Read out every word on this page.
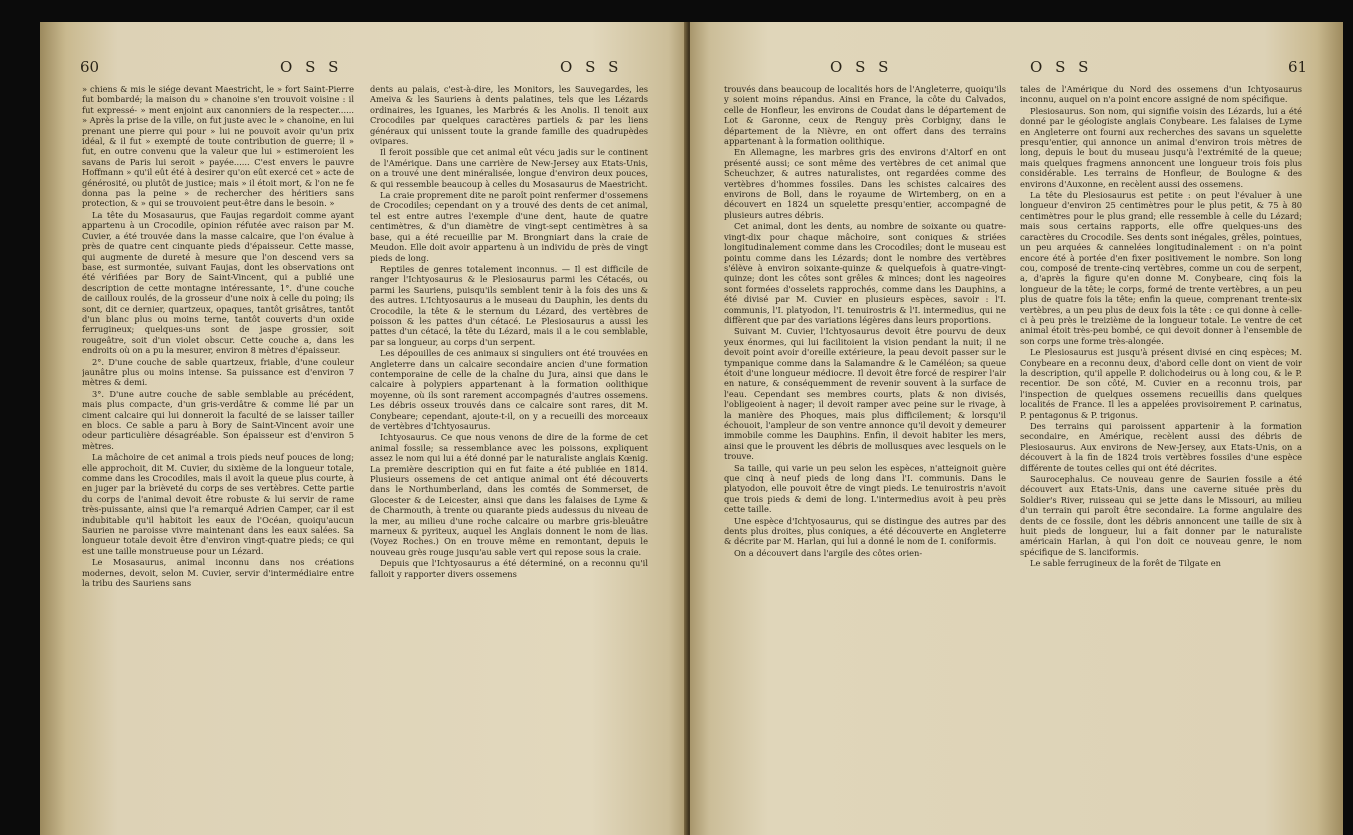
60	O S S	O S S

» chiens & mis le siége devant Maestricht, le » fort Saint-Pierre fut bombardé; la maison du » chanoine s'en trouvoit voisine : il fut expressé- » ment enjoint aux canonniers de la respecter...... » Après la prise de la ville, on fut juste avec le » chanoine, en lui prenant une pierre qui pour » lui ne pouvoit avoir qu'un prix idéal, & il fut » exempté de toute contribution de guerre; il » fut, en outre convenu que la valeur que lui » estimeroient les savans de Paris lui seroit » payée...... C'est envers le pauvre Hoffmann » qu'il eût été à desirer qu'on eût exercé cet » acte de générosité, ou plutôt de justice; mais » il étoit mort, & l'on ne fe donna pas la peine » de rechercher des héritiers sans protection, & » qui se trouvoient peut-être dans le besoin. »

La tête du Mosasaurus, que Faujas regardoit comme ayant appartenu à un Crocodile, opinion réfutée avec raison par M. Cuvier, a été trouvée dans la masse calcaire, que l'on évalue à près de quatre cent cinquante pieds d'épaisseur. Cette masse, qui augmente de dureté à mesure que l'on descend vers sa base, est surmontée, suivant Faujas, dont les observations ont été vérifiées par Bory de Saint-Vincent, qui a publié une description de cette montagne intéressante, 1°. d'une couche de cailloux roulés, de la grosseur d'une noix à celle du poing; ils sont, dit ce dernier, quartzeux, opaques, tantôt grisâtres, tantôt d'un blanc plus ou moins terne, tantôt couverts d'un oxide ferrugineux; quelques-uns sont de jaspe grossier, soit rougeâtre, soit d'un violet obscur. Cette couche a, dans les endroits où on a pu la mesurer, environ 8 mètres d'épaisseur.

2°. D'une couche de sable quartzeux, friable, d'une couleur jaunâtre plus ou moins intense. Sa puissance est d'environ 7 mètres & demi.

3°. D'une autre couche de sable semblable au précédent, mais plus compacte, d'un gris-verdâtre & comme lié par un ciment calcaire qui lui donneroit la faculté de se laisser tailler en blocs. Ce sable a paru à Bory de Saint-Vincent avoir une odeur particulière désagréable. Son épaisseur est d'environ 5 mètres.

La mâchoire de cet animal a trois pieds neuf pouces de long; elle approchoit, dit M. Cuvier, du sixième de la longueur totale, comme dans les Crocodiles, mais il avoit la queue plus courte, à en juger par la brièveté du corps de ses vertèbres. Cette partie du corps de l'animal devoit être robuste & lui servir de rame très-puissante, ainsi que l'a remarqué Adrien Camper, car il est indubitable qu'il habitoit les eaux de l'Océan, quoiqu'aucun Saurien ne paroisse vivre maintenant dans les eaux salées. Sa longueur totale devoit être d'environ vingt-quatre pieds; ce qui est une taille monstrueuse pour un Lézard.

Le Mosasaurus, animal inconnu dans nos créations modernes, devoit, selon M. Cuvier, servir d'intermédiaire entre la tribu des Sauriens sans

dents au palais, c'est-à-dire, les Monitors, les Sauvegardes, les Ameiva & les Sauriens à dents palatines, tels que les Lézards ordinaires, les Iguanes, les Marbrés & les Anolis. Il tenoit aux Crocodiles par quelques caractères partiels & par les liens généraux qui unissent toute la grande famille des quadrupèdes ovipares.

Il feroit possible que cet animal eût vécu jadis sur le continent de l'Amérique. Dans une carrière de New-Jersey aux Etats-Unis, on a trouvé une dent minéralisée, longue d'environ deux pouces, & qui ressemble beaucoup à celles du Mosasaurus de Maestricht.

La craie proprement dite ne paroît point renfermer d'ossemens de Crocodiles; cependant on y a trouvé des dents de cet animal, tel est entre autres l'exemple d'une dent, haute de quatre centimètres, & d'un diamètre de vingt-sept centimètres à sa base, qui a été recueillie par M. Brongniart dans la craie de Meudon. Elle doit avoir appartenu à un individu de près de vingt pieds de long.

Reptiles de genres totalement inconnus. — Il est difficile de ranger l'Ichtyosaurus & le Plesiosaurus parmi les Cétacés, ou parmi les Sauriens, puisqu'ils semblent tenir à la fois des uns & des autres. L'Ichtyosaurus a le museau du Dauphin, les dents du Crocodile, la tête & le sternum du Lézard, des vertèbres de poisson & les pattes d'un cétacé. Le Plesiosaurus a aussi les pattes d'un cétacé, la tête du Lézard, mais il a le cou semblable, par sa longueur, au corps d'un serpent.

Les dépouilles de ces animaux si singuliers ont été trouvées en Angleterre dans un calcaire secondaire ancien d'une formation contemporaine de celle de la chaîne du Jura, ainsi que dans le calcaire à polypiers appartenant à la formation oolithique moyenne, où ils sont rarement accompagnés d'autres ossemens. Les débris osseux trouvés dans ce calcaire sont rares, dit M. Conybeare; cependant, ajoute-t-il, on y a recueilli des morceaux de vertèbres d'Ichtyosaurus.

Ichtyosaurus. Ce que nous venons de dire de la forme de cet animal fossile; sa ressemblance avec les poissons, expliquent assez le nom qui lui a été donné par le naturaliste anglais Kœnig. La première description qui en fut faite a été publiée en 1814. Plusieurs ossemens de cet antique animal ont été découverts dans le Northumberland, dans les comtés de Sommerset, de Glocester & de Leicester, ainsi que dans les falaises de Lyme & de Charmouth, à trente ou quarante pieds audessus du niveau de la mer, au milieu d'une roche calcaire ou marbre gris-bleuâtre marneux & pyriteux, auquel les Anglais donnent le nom de lias. (Voyez Roches.) On en trouve même en remontant, depuis le nouveau grès rouge jusqu'au sable vert qui repose sous la craie.

Depuis que l'Ichtyosaurus a été déterminé, on a reconnu qu'il falloit y rapporter divers ossemens

O S S	O S S	61

trouvés dans beaucoup de localités hors de l'Angleterre, quoiqu'ils y soient moins répandus. Ainsi en France, la côte du Calvados, celle de Honfleur, les environs de Coudat dans le département de Lot & Garonne, ceux de Renguy près Corbigny, dans le département de la Nièvre, en ont offert dans des terrains appartenant à la formation oolithique.

En Allemagne, les marbres gris des environs d'Altorf en ont présenté aussi; ce sont même des vertèbres de cet animal que Scheuchzer, & autres naturalistes, ont regardées comme des vertèbres d'hommes fossiles. Dans les schistes calcaires des environs de Boll, dans le royaume de Wirtemberg, on en a découvert en 1824 un squelette presqu'entier, accompagné de plusieurs autres débris.

Cet animal, dont les dents, au nombre de soixante ou quatre-vingt-dix pour chaque mâchoire, sont coniques & striées longitudinalement comme dans les Crocodiles; dont le museau est pointu comme dans les Lézards; dont le nombre des vertèbres s'élève à environ soixante-quinze & quelquefois à quatre-vingt-quinze; dont les côtes sont grêles & minces; dont les nageoires sont formées d'osselets rapprochés, comme dans les Dauphins, a été divisé par M. Cuvier en plusieurs espèces, savoir : l'I. communis, l'I. platyodon, l'I. tenuirostris & l'I. intermedius, qui ne diffèrent que par des variations légères dans leurs proportions.

Suivant M. Cuvier, l'Ichtyosaurus devoit être pourvu de deux yeux énormes, qui lui facilitoient la vision pendant la nuit; il ne devoit point avoir d'oreille extérieure, la peau devoit passer sur le tympanique comme dans la Salamandre & le Caméléon; sa queue étoit d'une longueur médiocre. Il devoit être forcé de respirer l'air en nature, & conséquemment de revenir souvent à la surface de l'eau. Cependant ses membres courts, plats & non divisés, l'obligeoient à nager; il devoit ramper avec peine sur le rivage, à la manière des Phoques, mais plus difficilement; & lorsqu'il échouoit, l'ampleur de son ventre annonce qu'il devoit y demeurer immobile comme les Dauphins. Enfin, il devoit habiter les mers, ainsi que le prouvent les débris de mollusques avec lesquels on le trouve.

Sa taille, qui varie un peu selon les espèces, n'atteignoit guère que cinq à neuf pieds de long dans l'I. communis. Dans le platyodon, elle pouvoit être de vingt pieds. Le tenuirostris n'avoit que trois pieds & demi de long. L'intermedius avoit à peu près cette taille.

Une espèce d'Ichtyosaurus, qui se distingue des autres par des dents plus droites, plus coniques, a été découverte en Angleterre & décrite par M. Harlan, qui lui a donné le nom de I. coniformis.

On a découvert dans l'argile des côtes orien-

tales de l'Amérique du Nord des ossemens d'un Ichtyosaurus inconnu, auquel on n'a point encore assigné de nom spécifique.

Plesiosaurus. Son nom, qui signifie voisin des Lézards, lui a été donné par le géologiste anglais Conybeare. Les falaises de Lyme en Angleterre ont fourni aux recherches des savans un squelette presqu'entier, qui annonce un animal d'environ trois mètres de long, depuis le bout du museau jusqu'à l'extrémité de la queue; mais quelques fragmens annoncent une longueur trois fois plus considérable. Les terrains de Honfleur, de Boulogne & des environs d'Auxonne, en recèlent aussi des ossemens.

La tête du Plesiosaurus est petite : on peut l'évaluer à une longueur d'environ 25 centimètres pour le plus petit, & 75 à 80 centimètres pour le plus grand; elle ressemble à celle du Lézard; mais sous certains rapports, elle offre quelques-uns des caractères du Crocodile. Ses dents sont inégales, grêles, pointues, un peu arquées & cannelées longitudinalement : on n'a point encore été à portée d'en fixer positivement le nombre. Son long cou, composé de trente-cinq vertèbres, comme un cou de serpent, a, d'après la figure qu'en donne M. Conybeare, cinq fois la longueur de la tête; le corps, formé de trente vertèbres, a un peu plus de quatre fois la tête; enfin la queue, comprenant trente-six vertèbres, a un peu plus de deux fois la tête : ce qui donne à celle-ci à peu près le treizième de la longueur totale. Le ventre de cet animal étoit très-peu bombé, ce qui devoit donner à l'ensemble de son corps une forme très-alongée.

Le Plesiosaurus est jusqu'à présent divisé en cinq espèces; M. Conybeare en a reconnu deux, d'abord celle dont on vient de voir la description, qu'il appelle P. dolichodeirus ou à long cou, & le P. recentior. De son côté, M. Cuvier en a reconnu trois, par l'inspection de quelques ossemens recueillis dans quelques localités de France. Il les a appelées provisoirement P. carinatus, P. pentagonus & P. trigonus.

Des terrains qui paroissent appartenir à la formation secondaire, en Amérique, recèlent aussi des débris de Plesiosaurus. Aux environs de New-Jersey, aux Etats-Unis, on a découvert à la fin de 1824 trois vertèbres fossiles d'une espèce différente de toutes celles qui ont été décrites.

Saurocephalus. Ce nouveau genre de Saurien fossile a été découvert aux Etats-Unis, dans une caverne située près du Soldier's River, ruisseau qui se jette dans le Missouri, au milieu d'un terrain qui paroît être secondaire. La forme angulaire des dents de ce fossile, dont les débris annoncent une taille de six à huit pieds de longueur, lui a fait donner par le naturaliste américain Harlan, à qui l'on doit ce nouveau genre, le nom spécifique de S. lanciformis.

Le sable ferrugineux de la forêt de Tilgate en
